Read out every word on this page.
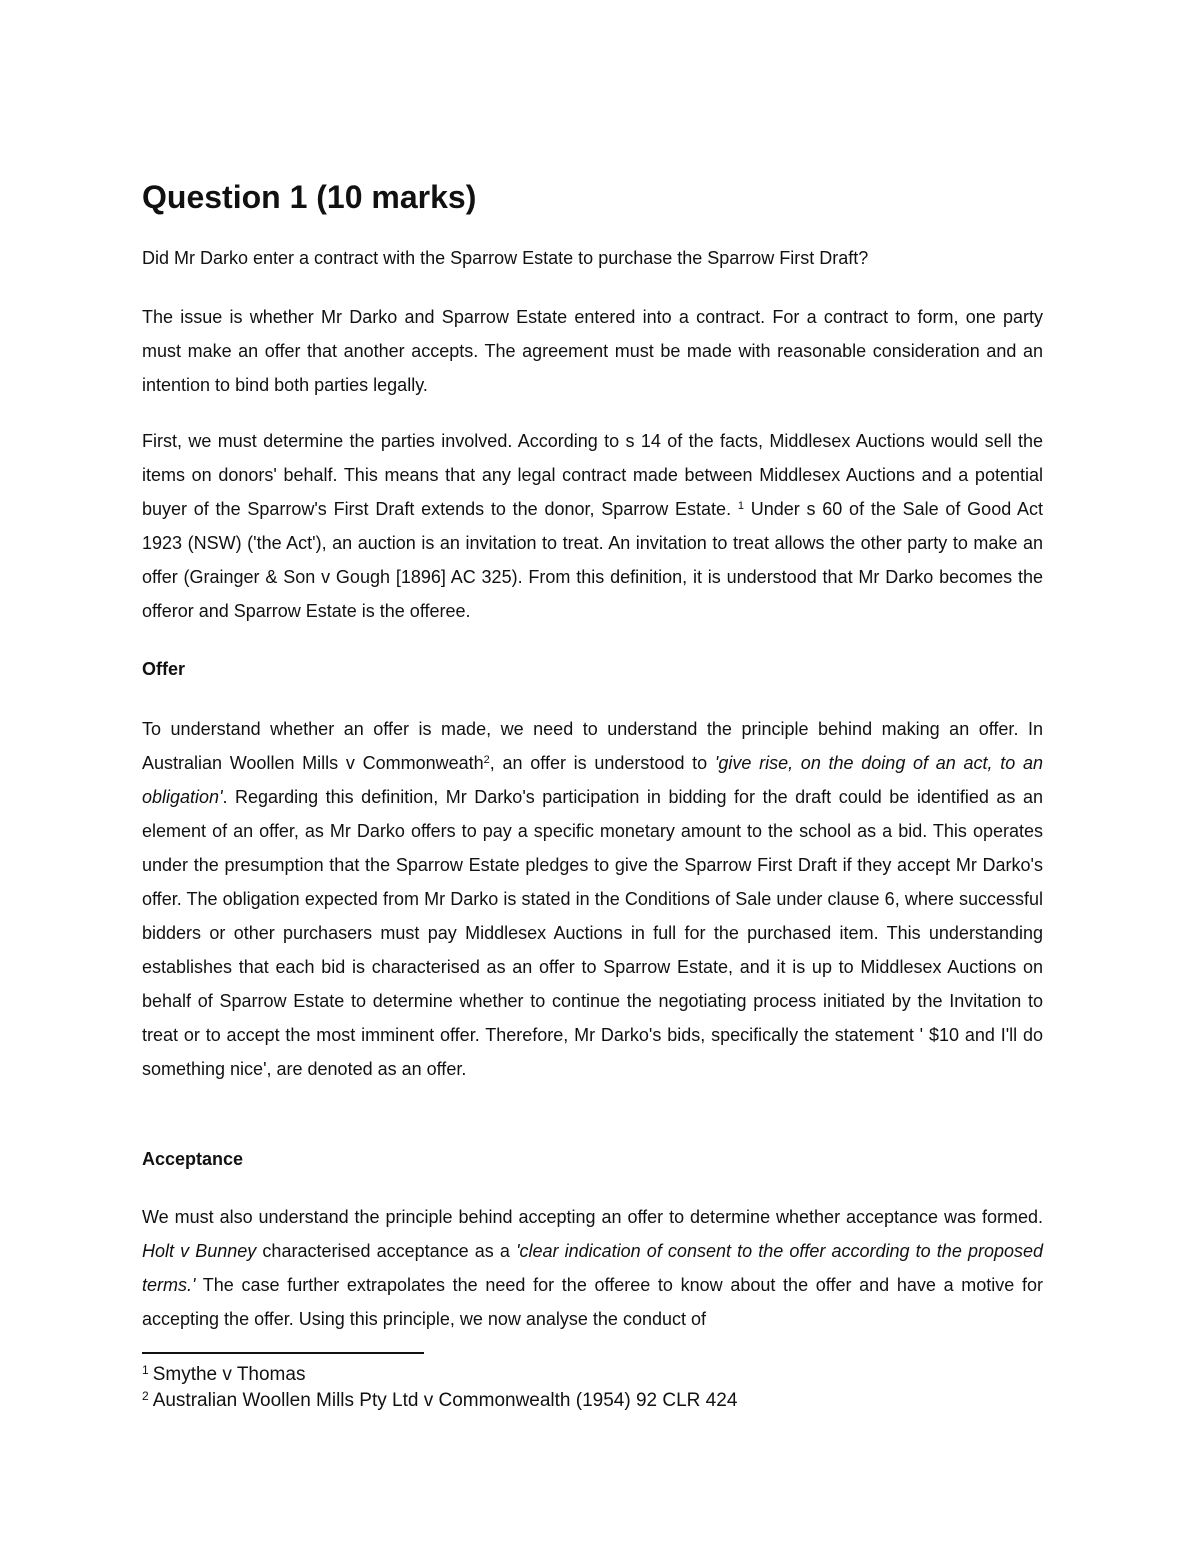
Question 1 (10 marks)

Did Mr Darko enter a contract with the Sparrow Estate to purchase the Sparrow First Draft?

The issue is whether Mr Darko and Sparrow Estate entered into a contract. For a contract to form, one party must make an offer that another accepts. The agreement must be made with reasonable consideration and an intention to bind both parties legally.

First, we must determine the parties involved. According to s 14 of the facts, Middlesex Auctions would sell the items on donors' behalf. This means that any legal contract made between Middlesex Auctions and a potential buyer of the Sparrow's First Draft extends to the donor, Sparrow Estate. $^1$ Under s 60 of the Sale of Good Act 1923 (NSW) ('the Act'), an auction is an invitation to treat. An invitation to treat allows the other party to make an offer (Grainger & Son v Gough [1896] AC 325). From this definition, it is understood that Mr Darko becomes the offeror and Sparrow Estate is the offeree.

Offer

To understand whether an offer is made, we need to understand the principle behind making an offer. In Australian Woollen Mills v Commonweath$^2$, an offer is understood to 'give rise, on the doing of an act, to an obligation'. Regarding this definition, Mr Darko's participation in bidding for the draft could be identified as an element of an offer, as Mr Darko offers to pay a specific monetary amount to the school as a bid. This operates under the presumption that the Sparrow Estate pledges to give the Sparrow First Draft if they accept Mr Darko's offer. The obligation expected from Mr Darko is stated in the Conditions of Sale under clause 6, where successful bidders or other purchasers must pay Middlesex Auctions in full for the purchased item. This understanding establishes that each bid is characterised as an offer to Sparrow Estate, and it is up to Middlesex Auctions on behalf of Sparrow Estate to determine whether to continue the negotiating process initiated by the Invitation to treat or to accept the most imminent offer. Therefore, Mr Darko's bids, specifically the statement ' $10 and I'll do something nice', are denoted as an offer.

Acceptance

We must also understand the principle behind accepting an offer to determine whether acceptance was formed. Holt v Bunney characterised acceptance as a 'clear indication of consent to the offer according to the proposed terms.' The case further extrapolates the need for the offeree to know about the offer and have a motive for accepting the offer. Using this principle, we now analyse the conduct of

$^1$ Smythe v Thomas

$^2$ Australian Woollen Mills Pty Ltd v Commonwealth (1954) 92 CLR 424
